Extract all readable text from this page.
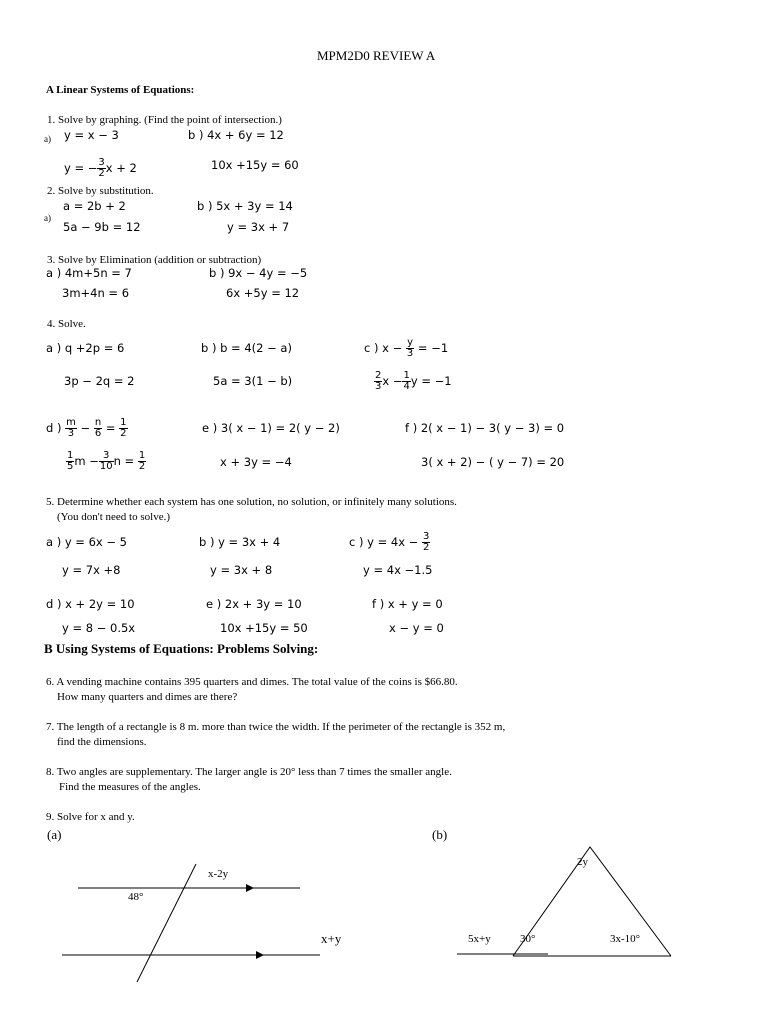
MPM2D0 REVIEW A
A Linear Systems of Equations:
1. Solve by graphing. (Find the point of intersection.)
a) y = x − 3
y = − $\frac{3}{2}$ x + 2
b ) 4x + 6y = 12
10x +15y = 60
2. Solve by substitution.
a)
a = 2b + 2
5a − 9b = 12
b ) 5x + 3y = 14
y = 3x + 7
3. Solve by Elimination (addition or subtraction)
a ) 4m+5n = 7
3m+4n = 6
b ) 9x − 4y = −5
6x +5y = 12
4. Solve.
a ) q +2p = 6
3p − 2q = 2
b ) b = 4(2 − a)
5a = 3(1 − b)
c ) $x - \frac{y}{3} = -1$
$\frac{2}{3}$ $x - \frac{1}{4}$ y = −1
d ) $\frac{m}{3} - \frac{n}{6} = \frac{1}{2}$
$\frac{1}{5}$ $m - \frac{3}{10}$ $n = \frac{1}{2}$
e ) 3( x − 1) = 2( y − 2)
x + 3y = −4
f ) 2( x − 1) − 3( y − 3) = 0
3( x + 2) − ( y − 7) = 20
5. Determine whether each system has one solution, no solution, or infinitely many solutions.
(You don't need to solve.)
a ) y = 6x − 5
y = 7x +8
b ) y = 3x + 4
y = 3x + 8
c ) $y = 4x - \frac{3}{2}$
y = 4x −1.5
d ) x + 2y = 10
y = 8 − 0.5x
e ) 2x + 3y = 10
10x +15y = 50
f ) x + y = 0
x − y = 0
B Using Systems of Equations: Problems Solving:
6. A vending machine contains 395 quarters and dimes. The total value of the coins is $66.80.
How many quarters and dimes are there?
7. The length of a rectangle is 8 m. more than twice the width. If the perimeter of the rectangle is 352 m,
find the dimensions.
8. Two angles are supplementary. The larger angle is 20° less than 7 times the smaller angle.
Find the measures of the angles.
9. Solve for x and y.
(a)	(b)
48°
x-2y
x+y
2y
5x+y	30°	3x-10°
